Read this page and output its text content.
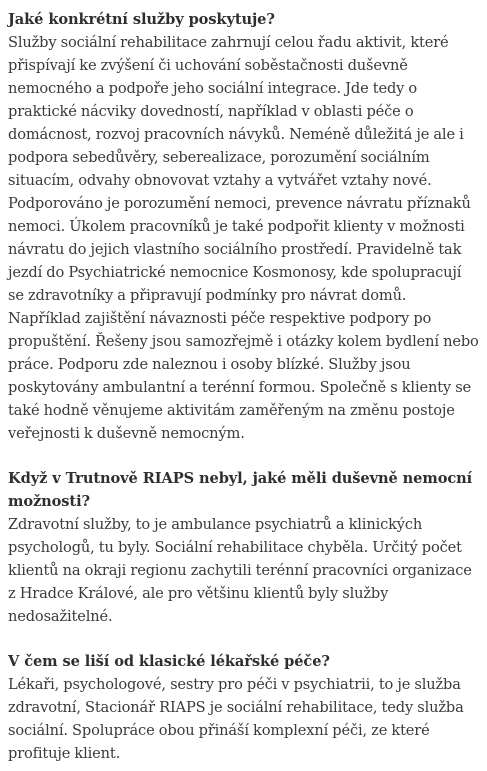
Jaké konkrétní služby poskytuje?

Služby sociální rehabilitace zahrnují celou řadu aktivit, které přispívají ke zvýšení či uchování soběstačnosti duševně nemocného a podpoře jeho sociální integrace. Jde tedy o praktické nácviky dovedností, například v oblasti péče o domácnost, rozvoj pracovních návyků. Neméně důležitá je ale i podpora sebedůvěry, seberealizace, porozumění sociálním situacím, odvahy obnovovat vztahy a vytvářet vztahy nové. Podporováno je porozumění nemoci, prevence návratu příznaků nemoci. Úkolem pracovníků je také podpořit klienty v možnosti návratu do jejich vlastního sociálního prostředí. Pravidelně tak jezdí do Psychiatrické nemocnice Kosmonosy, kde spolupracují se zdravotníky a připravují podmínky pro návrat domů. Například zajištění návaznosti péče respektive podpory po propuštění. Řešeny jsou samozřejmě i otázky kolem bydlení nebo práce. Podporu zde naleznou i osoby blízké. Služby jsou poskytovány ambulantní a terénní formou. Společně s klienty se také hodně věnujeme aktivitám zaměřeným na změnu postoje veřejnosti k duševně nemocným.

Když v Trutnově RIAPS nebyl, jaké měli duševně nemocní možnosti?

Zdravotní služby, to je ambulance psychiatrů a klinických psychologů, tu byly. Sociální rehabilitace chyběla. Určitý počet klientů na okraji regionu zachytili terénní pracovníci organizace z Hradce Králové, ale pro většinu klientů byly služby nedosažitelné.

V čem se liší od klasické lékařské péče?

Lékaři, psychologové, sestry pro péči v psychiatrii, to je služba zdravotní, Stacionář RIAPS je sociální rehabilitace, tedy služba sociální. Spolupráce obou přináší komplexní péči, ze které profituje klient.
